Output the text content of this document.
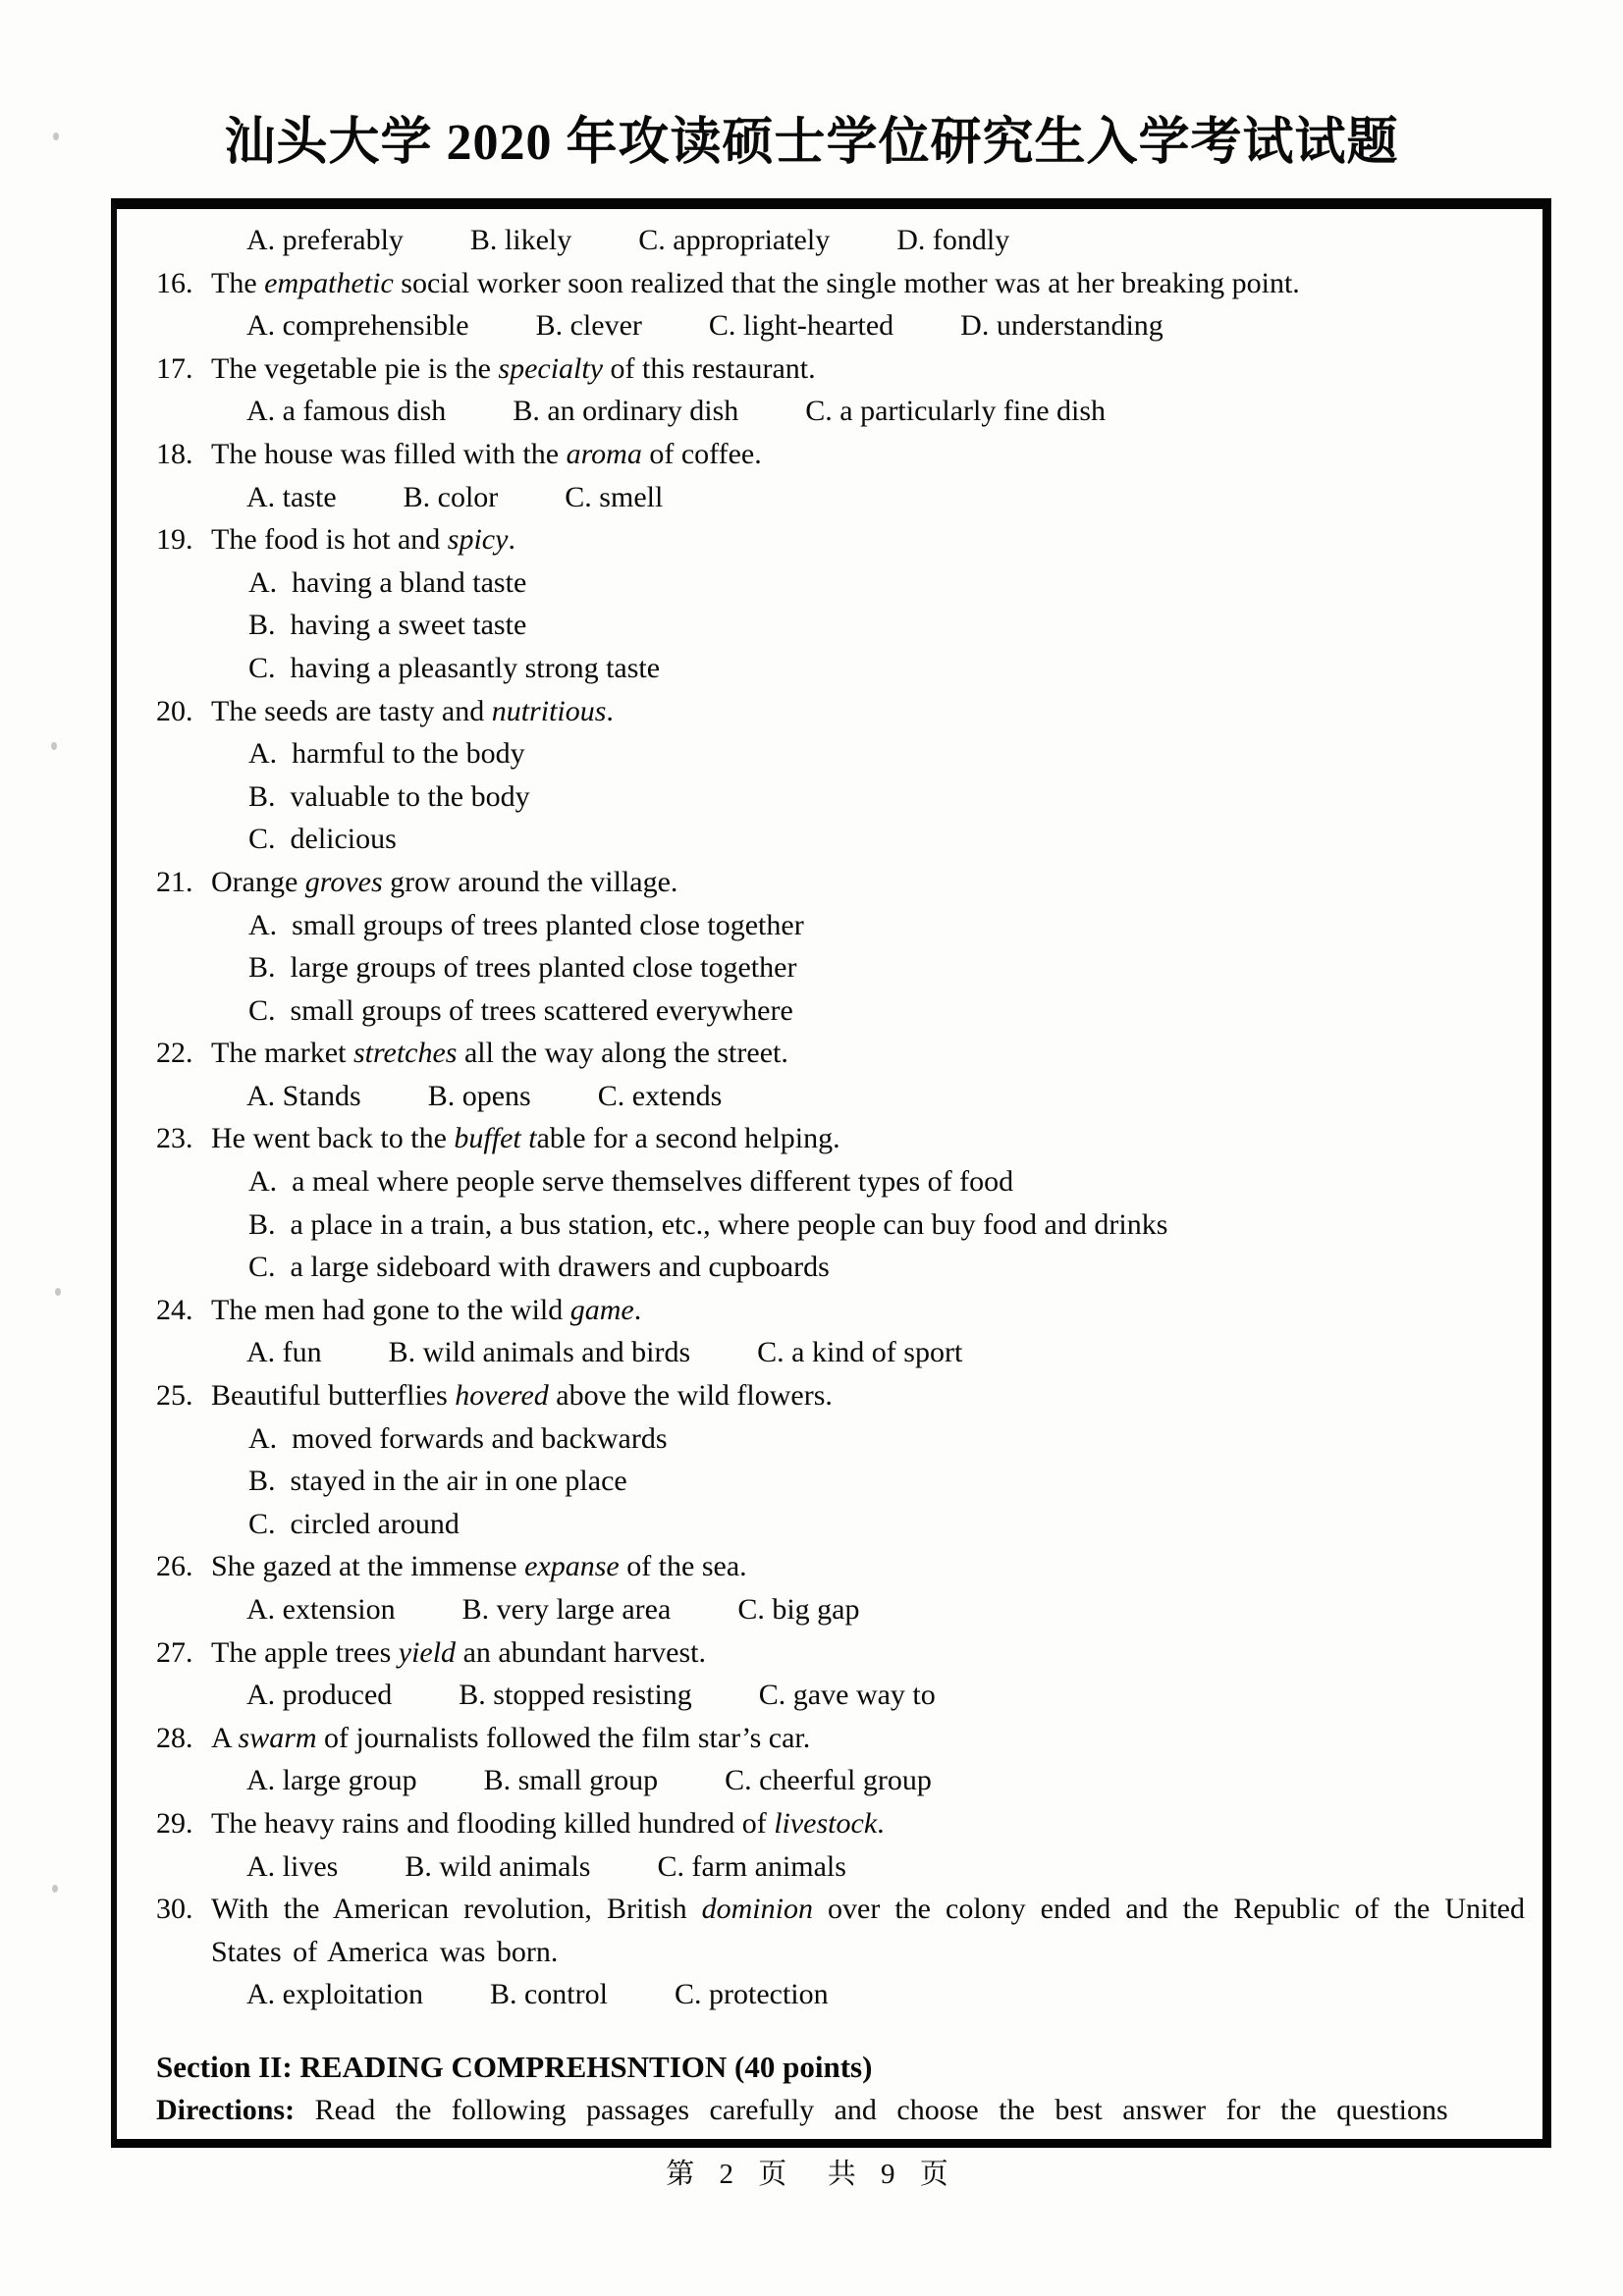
汕头大学 2020 年攻读硕士学位研究生入学考试试题
A. preferably B. likely C. appropriately D. fondly
16. The empathetic social worker soon realized that the single mother was at her breaking point.
A. comprehensible B. clever C. light-hearted D. understanding
17. The vegetable pie is the specialty of this restaurant.
A. a famous dish B. an ordinary dish C. a particularly fine dish
18. The house was filled with the aroma of coffee.
A. taste B. color C. smell
19. The food is hot and spicy.
A.  having a bland taste
B.  having a sweet taste
C.  having a pleasantly strong taste
20. The seeds are tasty and nutritious.
A.  harmful to the body
B.  valuable to the body
C.  delicious
21. Orange groves grow around the village.
A.  small groups of trees planted close together
B.  large groups of trees planted close together
C.  small groups of trees scattered everywhere
22. The market stretches all the way along the street.
A. Stands B. opens C. extends
23. He went back to the buffet table for a second helping.
A.  a meal where people serve themselves different types of food
B.  a place in a train, a bus station, etc., where people can buy food and drinks
C.  a large sideboard with drawers and cupboards
24. The men had gone to the wild game.
A. fun B. wild animals and birds C. a kind of sport
25. Beautiful butterflies hovered above the wild flowers.
A.  moved forwards and backwards
B.  stayed in the air in one place
C.  circled around
26. She gazed at the immense expanse of the sea.
A. extension B. very large area C. big gap
27. The apple trees yield an abundant harvest.
A. produced B. stopped resisting C. gave way to
28. A swarm of journalists followed the film star’s car.
A. large group B. small group C. cheerful group
29. The heavy rains and flooding killed hundred of livestock.
A. lives B. wild animals C. farm animals
30. With the American revolution, British dominion over the colony ended and the Republic of the United States of America was born.
A. exploitation B. control C. protection
Section II: READING COMPREHSNTION (40 points)
Directions: Read the following passages carefully and choose the best answer for the questions
第 2 页  共 9 页
